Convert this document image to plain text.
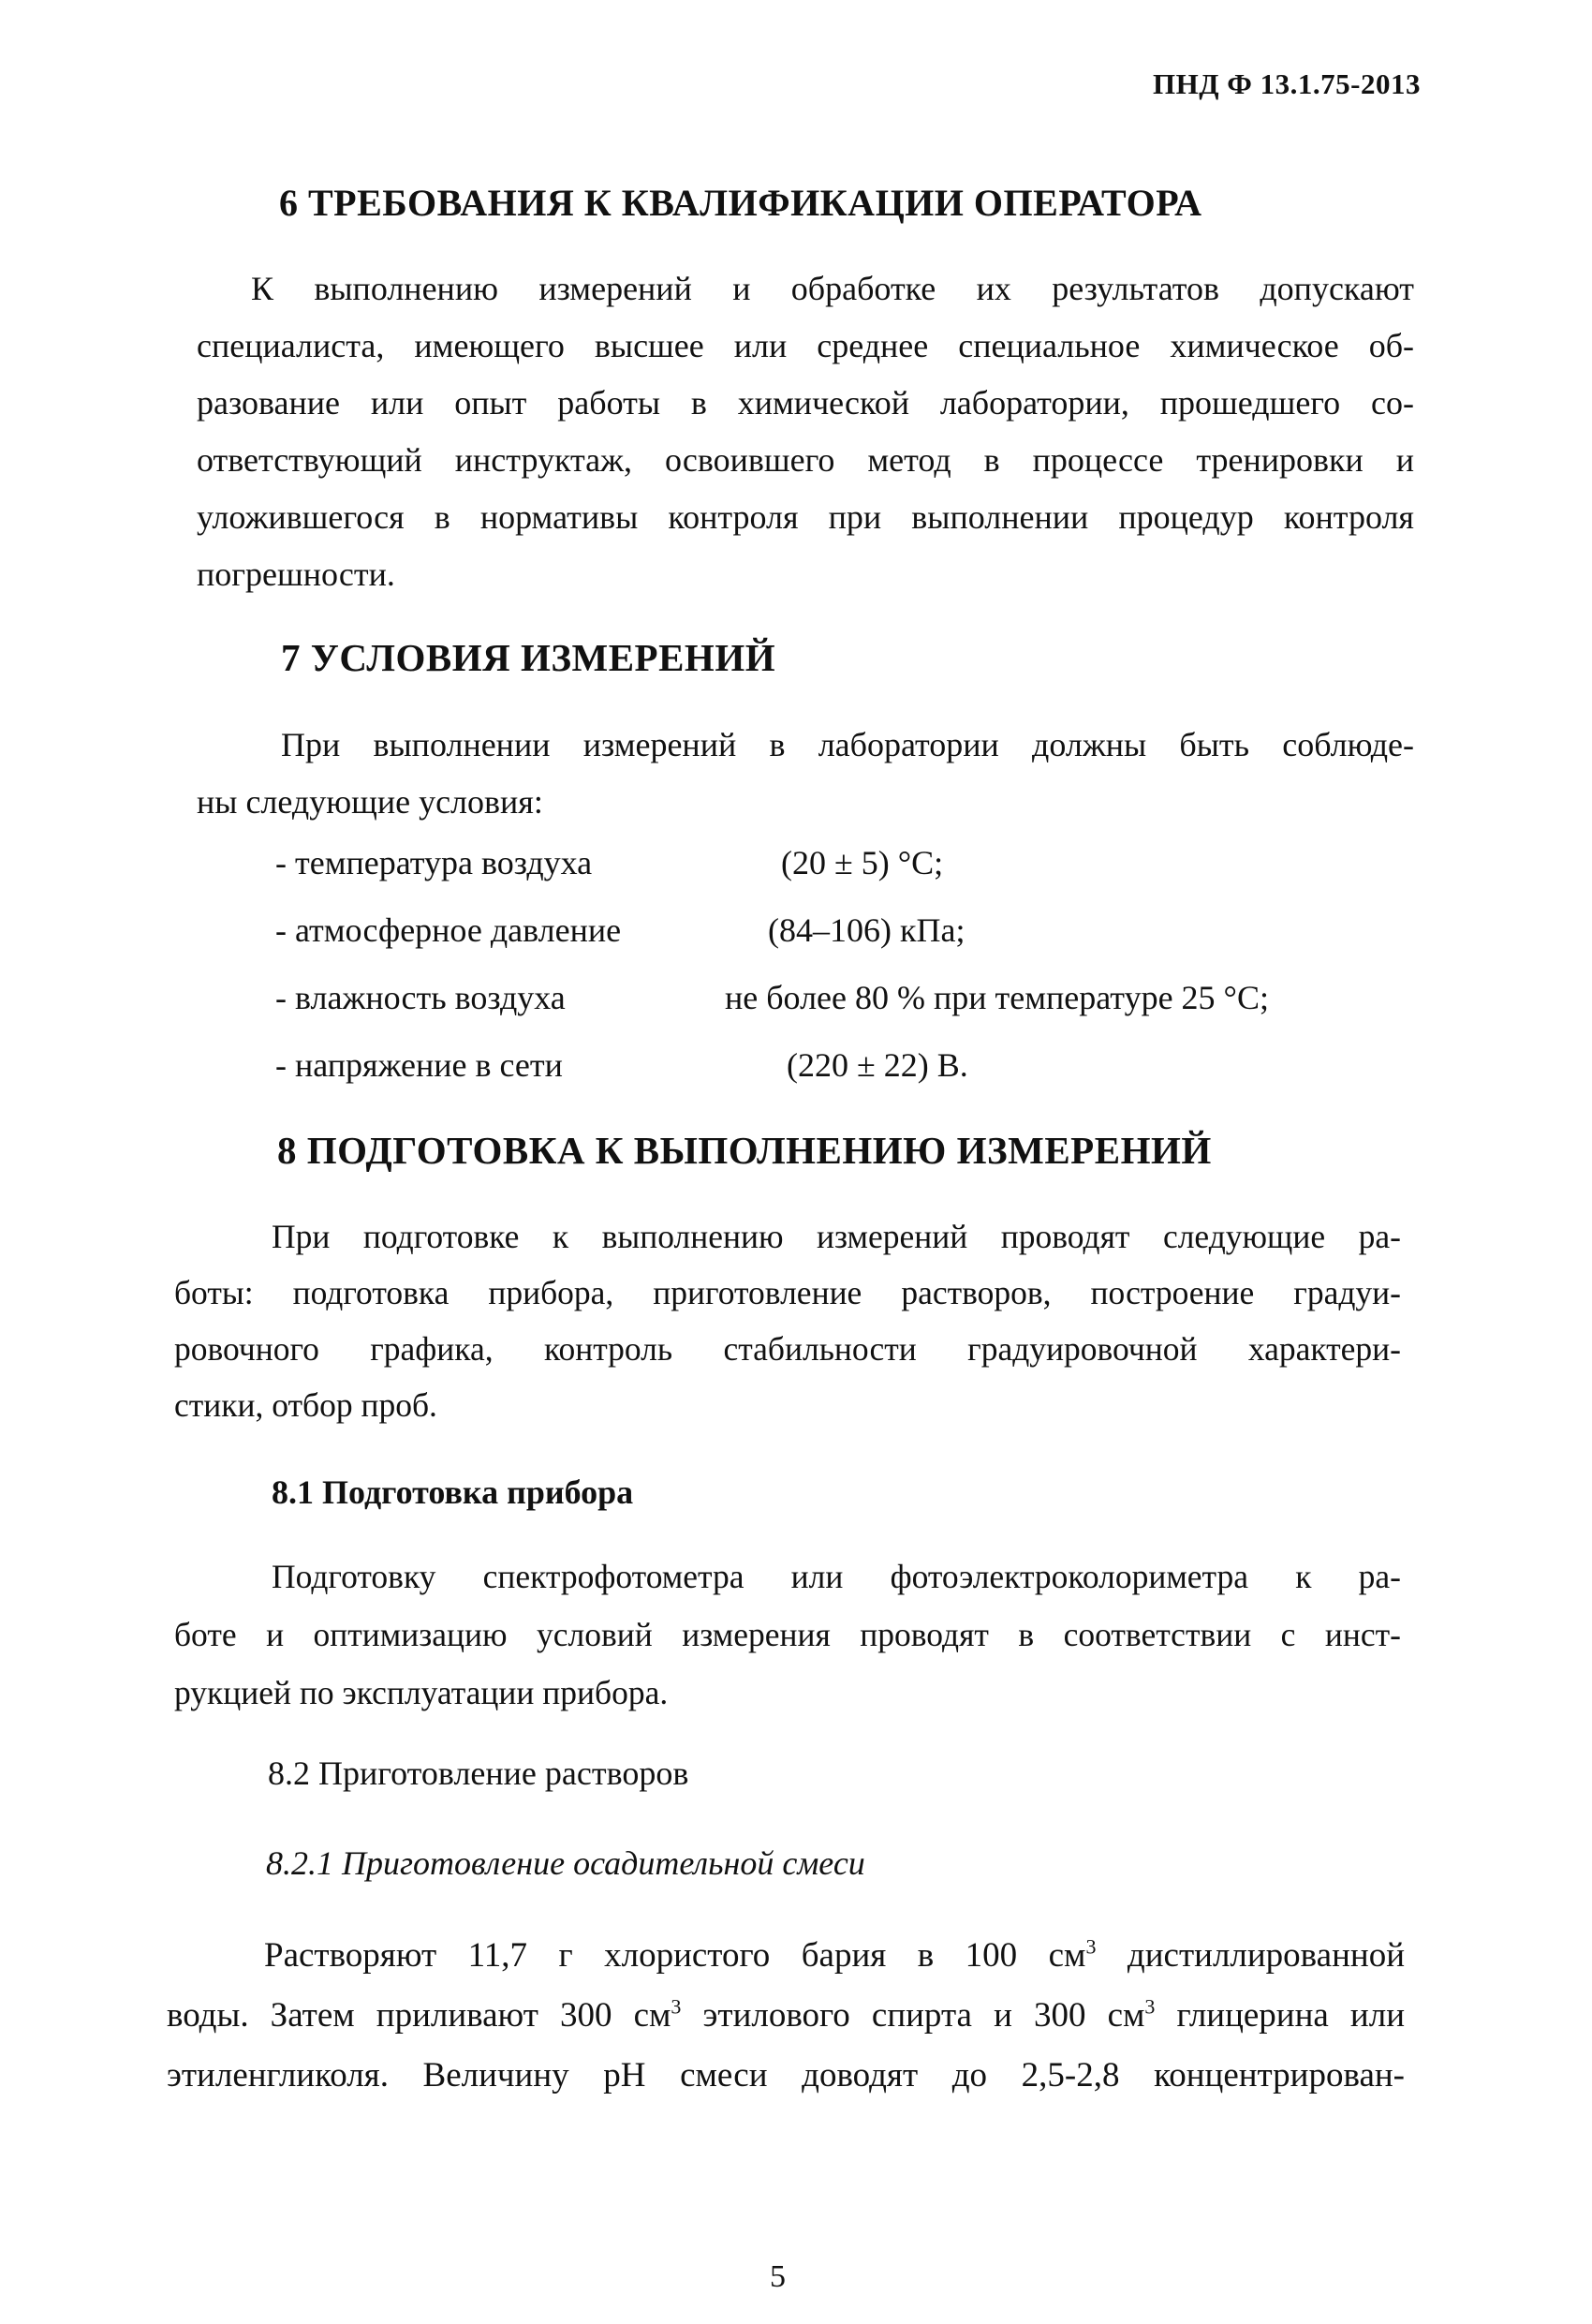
ПНД Ф 13.1.75-2013
6 ТРЕБОВАНИЯ К КВАЛИФИКАЦИИ ОПЕРАТОРА
К выполнению измерений и обработке их результатов допускают
специалиста, имеющего высшее или среднее специальное химическое об-
разование или опыт работы в химической лаборатории, прошедшего со-
ответствующий инструктаж, освоившего метод в процессе тренировки и
уложившегося в нормативы контроля при выполнении процедур контроля
погрешности.
7 УСЛОВИЯ ИЗМЕРЕНИЙ
При выполнении измерений в лаборатории должны быть соблюде-
ны следующие условия:
- температура воздуха	(20 ± 5) °С;
- атмосферное давление	(84–106) кПа;
- влажность воздуха	не более 80 % при температуре 25 °С;
- напряжение в сети	(220 ± 22) В.
8 ПОДГОТОВКА К ВЫПОЛНЕНИЮ ИЗМЕРЕНИЙ
При подготовке к выполнению измерений проводят следующие ра-
боты: подготовка прибора, приготовление растворов, построение градуи-
ровочного графика, контроль стабильности градуировочной характери-
стики, отбор проб.
8.1 Подготовка прибора
Подготовку спектрофотометра или фотоэлектроколориметра к ра-
боте и оптимизацию условий измерения проводят в соответствии с инст-
рукцией по эксплуатации прибора.
8.2 Приготовление растворов
8.2.1 Приготовление осадительной смеси
Растворяют 11,7 г хлористого бария в 100 $см^3$ дистиллированной
воды. Затем приливают 300 $см^3$ этилового спирта и 300 $см^3$ глицерина или
этиленгликоля. Величину рН смеси доводят до 2,5-2,8 концентрирован-
5
